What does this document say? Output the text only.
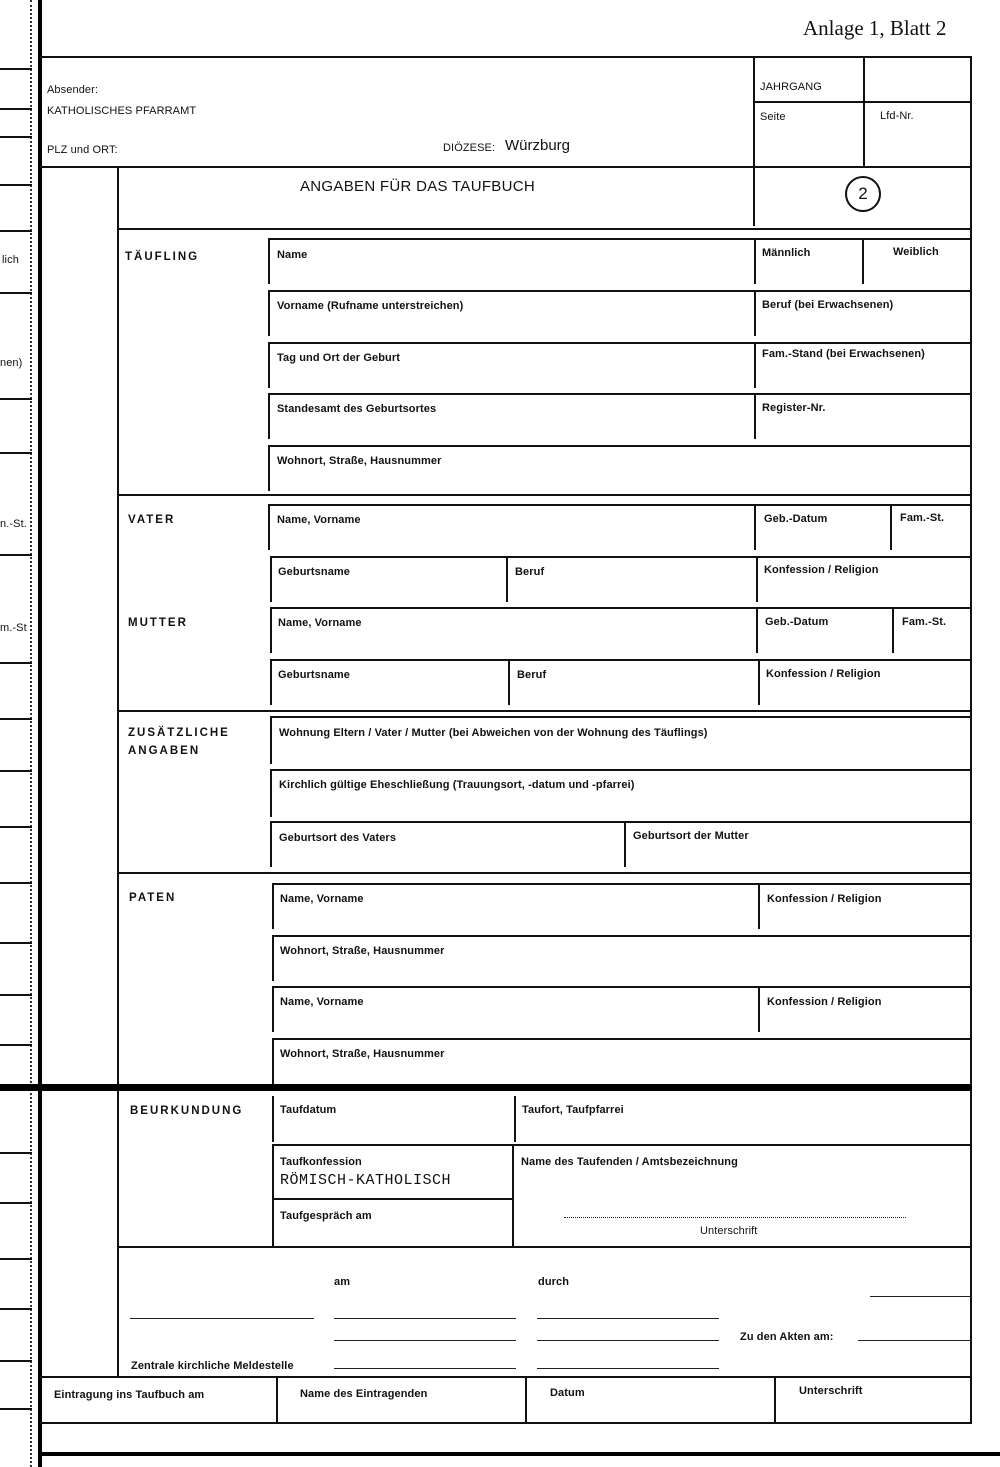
Anlage 1, Blatt 2
lich
nen)
n.-St.
m.-St
Absender:
KATHOLISCHES PFARRAMT
PLZ und ORT:	DIÖZESE: Würzburg
JAHRGANG
Seite	Lfd-Nr.
ANGABEN FÜR DAS TAUFBUCH	2
TÄUFLING	Name	Männlich	Weiblich
Vorname (Rufname unterstreichen)	Beruf (bei Erwachsenen)
Tag und Ort der Geburt	Fam.-Stand (bei Erwachsenen)
Standesamt des Geburtsortes	Register-Nr.
Wohnort, Straße, Hausnummer
VATER	Name, Vorname	Geb.-Datum	Fam.-St.
Geburtsname	Beruf	Konfession / Religion
MUTTER	Name, Vorname	Geb.-Datum	Fam.-St.
Geburtsname	Beruf	Konfession / Religion
ZUSÄTZLICHE
ANGABEN
Wohnung Eltern / Vater / Mutter (bei Abweichen von der Wohnung des Täuflings)
Kirchlich gültige Eheschließung (Trauungsort, -datum und -pfarrei)
Geburtsort des Vaters	Geburtsort der Mutter
PATEN	Name, Vorname	Konfession / Religion
Wohnort, Straße, Hausnummer
Name, Vorname	Konfession / Religion
Wohnort, Straße, Hausnummer
BEURKUNDUNG	Taufdatum	Taufort, Taufpfarrei
Taufkonfession
RÖMISCH-KATHOLISCH
Taufgespräch am
Name des Taufenden / Amtsbezeichnung
Unterschrift
am	durch
Zu den Akten am:
Zentrale kirchliche Meldestelle
Eintragung ins Taufbuch am	Name des Eintragenden	Datum	Unterschrift
